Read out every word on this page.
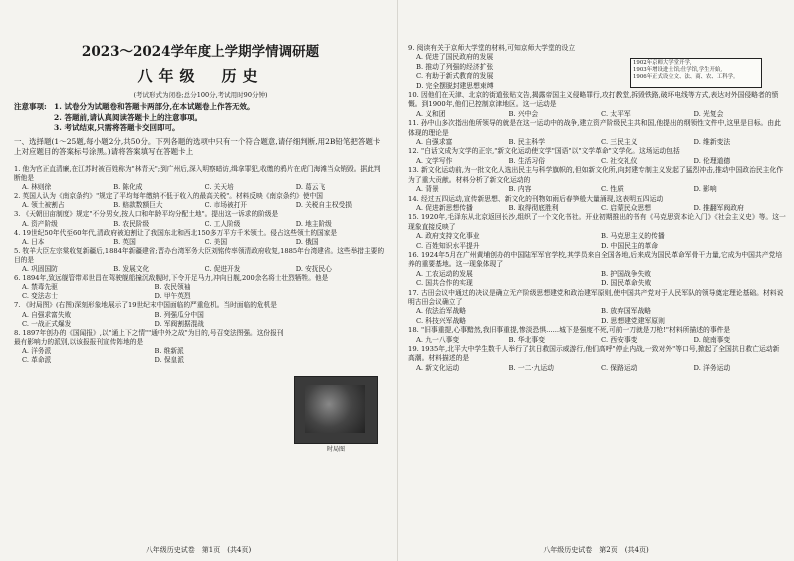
2023～2024学年度上学期学情调研题

八年级　历史

(考试形式为闭卷;总分100分,考试用时90分钟)

注意事项: 1. 试卷分为试题卷和答题卡两部分,在本试题卷上作答无效。
2. 答题前,请认真阅读答题卡上的注意事项。
3. 考试结束,只需将答题卡交回即可。

一、选择题(1～25题,每小题2分,共50分。下列各题的选项中只有一个符合题意,请仔细判断,用2B铅笔把答题卡上对应题目的答案标号涂黑。)请将答案填写在答题卡上

1. 他为官正直清廉,在江苏时被百姓称为"林青天";到广州后,深入明察暗访,缉拿罪犯,收缴的鸦片在虎门海滩当众销毁。据此判断他是

A. 林则徐	B. 陈化成	C. 关天培	D. 葛云飞

2. 英国人认为《南京条约》"规定了平均每年缴纳不低于收入的最高关税"。材料反映《南京条约》使中国

A. 领土被割占	B. 赔款数额巨大	C. 市场被打开	D. 关税自主权受损

3. 《天朝田亩制度》规定"不分男女,按人口和年龄平均分配土地"。提出这一诉求的阶级是

A. 资产阶级	B. 农民阶级	C. 工人阶级	D. 地主阶级

4. 19世纪50年代至60年代,清政府被迫割让了我国东北和西北150多万平方千米领土。侵占这些领土的国家是

A. 日本	B. 英国	C. 美国	D. 俄国

5. 牧羊大臣左宗棠收复新疆后,1884年新疆建省;晋办台湾军务大臣刘铭传率领清政府收复,1885年台湾建省。这些举措主要的目的是

A. 巩固国防	B. 发展文化	C. 促进开发	D. 安抚民心

6. 1894年,致远舰管带邓世昌在驾驶舰船撞沉敌舰时,下令开足马力,冲向日舰,200余名将士壮烈牺牲。他是

A. 禁毒先驱	B. 农民领袖
C. 变法志士	D. 甲午英烈

7. 《时局图》(右图)深刻形象地展示了19世纪末中国面临的严重危机。当时面临的危机是

A. 自强求富失败	B. 列强瓜分中国
C. 一战正式爆发	D. 军阀割据混战

8. 1897年创办的《国闻报》,以"通上下之情""通中外之故"为目的,号召变法图强。这份报刊最有影响力的派别,以该报报刊宣传阵地的是

A. 洋务派	B. 维新派
C. 革命派	D. 保皇派
时局图
八年级历史试卷　第1页　(共4页)
1902年京师大学堂开学,
1903年增设进士馆;仕学馆,学生开始,
1906年正式设立文、法、商、农、工科学。

9. 阅读有关于京师大学堂的材料,可知京师大学堂的设立

A. 促进了国民政府的发展
B. 推动了列强的经济扩张
C. 有助于新式教育的发展
D. 完全摆脱封建思想束缚

10. 因他们在天津、北京的街道张贴文告,揭露帝国主义侵略罪行,攻打教堂,拆毁铁路,破坏电线等方式,表达对外国侵略者的愤慨。到1900年,他们已控制京津地区。这一运动是

A. 义和团	B. 兴中会	C. 太平军	D. 光复会

11. 孙中山多次指出他所领导的就是在这一运动中的战争,建立资产阶级民主共和国,他提出的纲领性文件中,这里是目标。由此体现的理论是

A. 自强求富	B. 民主科学	C. 三民主义	D. 维新变法

12. "白话文成为文学的正宗,"新文化运动使文学"国语"以"文学革命"文学化。这场运动包括

A. 文学写作	B. 生活习俗	C. 社交礼仪	D. 伦理道德

13. 新文化运动前,为一批文化人选出民主与科学旗帜的,但如新文化所,向封建专制主义发起了猛烈冲击,推动中国政治民主化作为了重大贡献。材料分析了新文化运动的

A. 背景	B. 内容	C. 性质	D. 影响

14. 经过五四运动,宣传新思想、新文化的刊物如雨后春笋般大量涌现,这表明五四运动

A. 促进新思想传播	B. 取得彻底胜利	C. 启蒙民众思想	D. 推翻军阀政府

15. 1920年,毛泽东从北京返回长沙,组织了一个文化书社。开业初期推出的书有《马克思资本论入门》《社会主义史》等。这一现象直接反映了

A. 政府支持文化事业	B. 马克思主义的传播
C. 百姓知识水平提升	D. 中国民主的革命

16. 1924年5月在广州黄埔创办的中国陆军军官学校,其学员来自全国各地,后来成为国民革命军骨干力量,它成为中国共产党培养的重要基地。这一现象体现了

A. 工农运动的发展	B. 护国战争失败
C. 国共合作的实现	D. 国民革命失败

17. 古田会议中通过的决议是确立无产阶级思想建党和政治建军原则,使中国共产党对于人民军队的领导奠定理论基础。材料说明古田会议确立了

A. 依法治军战略	B. 放弃国军战略
C. 科技兴军战略	D. 思想建党建军原则

18. "旧事重提,心事黯然,我旧事重提,惨淡恐惧......城下是强度不死,可前一刀就是刀枪!"材料所描述的事件是

A. 九一八事变	B. 华北事变	C. 西安事变	D. 皖南事变

19. 1935年,北平大中学生数千人举行了抗日救国示威游行,他们高呼"停止内战,一致对外"等口号,掀起了全国抗日救亡运动新高潮。材料描述的是

A. 新文化运动	B. 一二·九运动	C. 保路运动	D. 洋务运动
八年级历史试卷　第2页　(共4页)
